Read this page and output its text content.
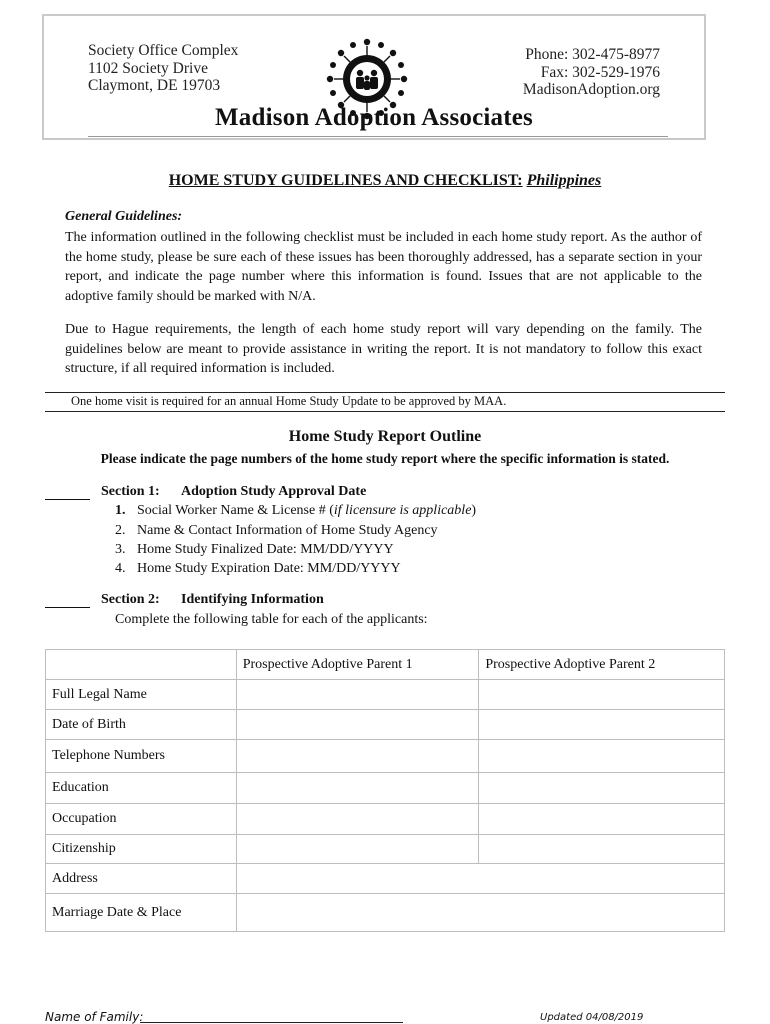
Society Office Complex
1102 Society Drive
Claymont, DE 19703
Phone: 302-475-8977
Fax: 302-529-1976
MadisonAdoption.org
Madison Adoption Associates
HOME STUDY GUIDELINES AND CHECKLIST: Philippines
General Guidelines:
The information outlined in the following checklist must be included in each home study report. As the author of the home study, please be sure each of these issues has been thoroughly addressed, has a separate section in your report, and indicate the page number where this information is found. Issues that are not applicable to the adoptive family should be marked with N/A.
Due to Hague requirements, the length of each home study report will vary depending on the family. The guidelines below are meant to provide assistance in writing the report. It is not mandatory to follow this exact structure, if all required information is included.
One home visit is required for an annual Home Study Update to be approved by MAA.
Home Study Report Outline
Please indicate the page numbers of the home study report where the specific information is stated.
Section 1: Adoption Study Approval Date
1. Social Worker Name & License # (if licensure is applicable)
2. Name & Contact Information of Home Study Agency
3. Home Study Finalized Date: MM/DD/YYYY
4. Home Study Expiration Date: MM/DD/YYYY
Section 2: Identifying Information
Complete the following table for each of the applicants:
	Prospective Adoptive Parent 1	Prospective Adoptive Parent 2
Full Legal Name		
Date of Birth		
Telephone Numbers		
Education		
Occupation		
Citizenship		
Address		
Marriage Date & Place		
Name of Family:	Updated 04/08/2019
